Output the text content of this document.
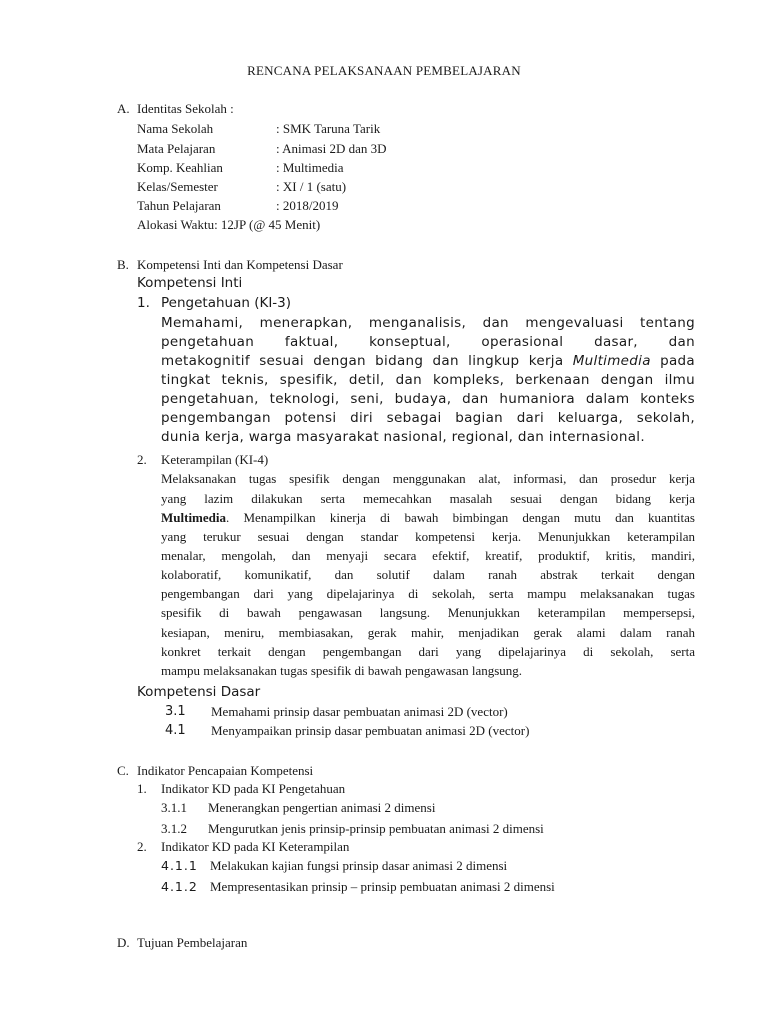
RENCANA PELAKSANAAN PEMBELAJARAN
A. Identitas Sekolah :
Nama Sekolah	: SMK Taruna Tarik
Mata Pelajaran	: Animasi 2D dan 3D
Komp. Keahlian	: Multimedia
Kelas/Semester	: XI / 1 (satu)
Tahun Pelajaran	: 2018/2019
Alokasi Waktu: 12JP (@ 45 Menit)
B. Kompetensi Inti dan Kompetensi Dasar
Kompetensi Inti
1. Pengetahuan (KI-3)
Memahami, menerapkan, menganalisis, dan mengevaluasi tentang
pengetahuan faktual, konseptual, operasional dasar, dan
metakognitif sesuai dengan bidang dan lingkup kerja Multimedia pada
tingkat teknis, spesifik, detil, dan kompleks, berkenaan dengan ilmu
pengetahuan, teknologi, seni, budaya, dan humaniora dalam konteks
pengembangan potensi diri sebagai bagian dari keluarga, sekolah,
dunia kerja, warga masyarakat nasional, regional, dan internasional.
2. Keterampilan (KI-4)
Melaksanakan tugas spesifik dengan menggunakan alat, informasi, dan prosedur kerja
yang lazim dilakukan serta memecahkan masalah sesuai dengan bidang kerja
Multimedia. Menampilkan kinerja di bawah bimbingan dengan mutu dan kuantitas
yang terukur sesuai dengan standar kompetensi kerja. Menunjukkan keterampilan
menalar, mengolah, dan menyaji secara efektif, kreatif, produktif, kritis, mandiri,
kolaboratif, komunikatif, dan solutif dalam ranah abstrak terkait dengan
pengembangan dari yang dipelajarinya di sekolah, serta mampu melaksanakan tugas
spesifik di bawah pengawasan langsung. Menunjukkan keterampilan mempersepsi,
kesiapan, meniru, membiasakan, gerak mahir, menjadikan gerak alami dalam ranah
konkret terkait dengan pengembangan dari yang dipelajarinya di sekolah, serta
mampu melaksanakan tugas spesifik di bawah pengawasan langsung.
Kompetensi Dasar
3.1 Memahami prinsip dasar pembuatan animasi 2D (vector)
4.1 Menyampaikan prinsip dasar pembuatan animasi 2D (vector)
C. Indikator Pencapaian Kompetensi
1. Indikator KD pada KI Pengetahuan
3.1.1 Menerangkan pengertian animasi 2 dimensi
3.1.2 Mengurutkan jenis prinsip-prinsip pembuatan animasi 2 dimensi
2. Indikator KD pada KI Keterampilan
4.1.1 Melakukan kajian fungsi prinsip dasar animasi 2 dimensi
4.1.2 Mempresentasikan prinsip – prinsip pembuatan animasi 2 dimensi
D. Tujuan Pembelajaran
